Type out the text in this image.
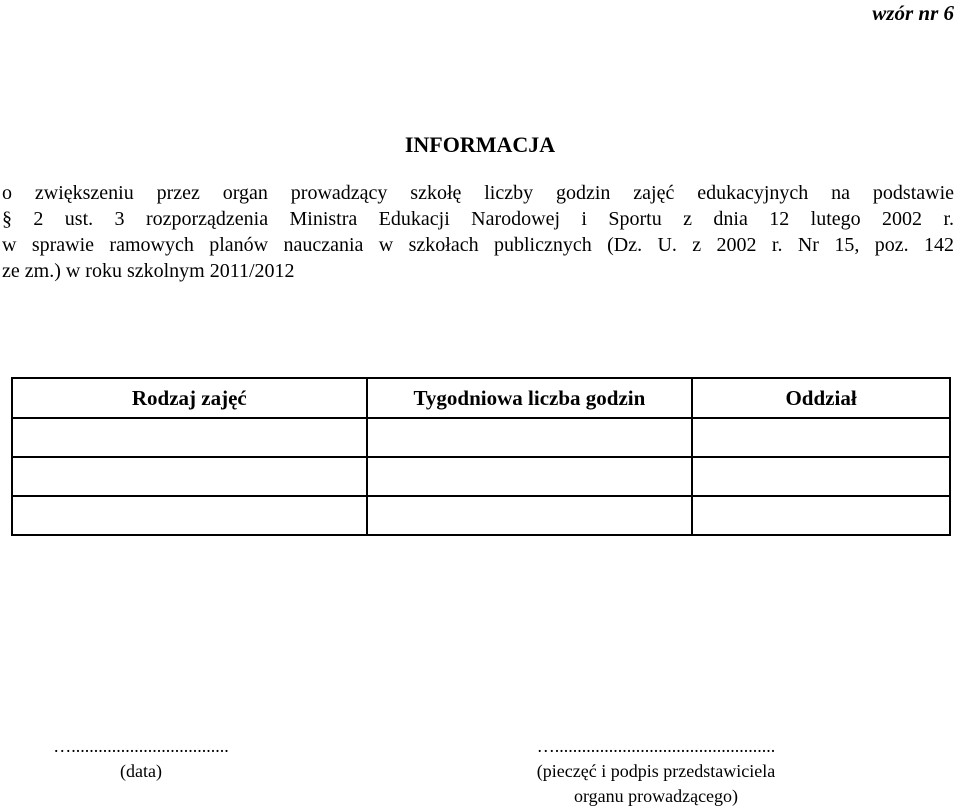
wzór nr 6
INFORMACJA
o zwiększeniu przez organ prowadzący szkołę liczby godzin zajęć edukacyjnych na podstawie
§ 2 ust. 3 rozporządzenia Ministra Edukacji Narodowej i Sportu z dnia 12 lutego 2002 r.
w sprawie ramowych planów nauczania w szkołach publicznych (Dz. U. z 2002 r. Nr 15, poz. 142
ze zm.) w roku szkolnym 2011/2012
Rodzaj zajęć	Tygodniowa liczba godzin	Oddział

…...................................
(data)
….................................................
(pieczęć i podpis przedstawiciela
organu prowadzącego)
